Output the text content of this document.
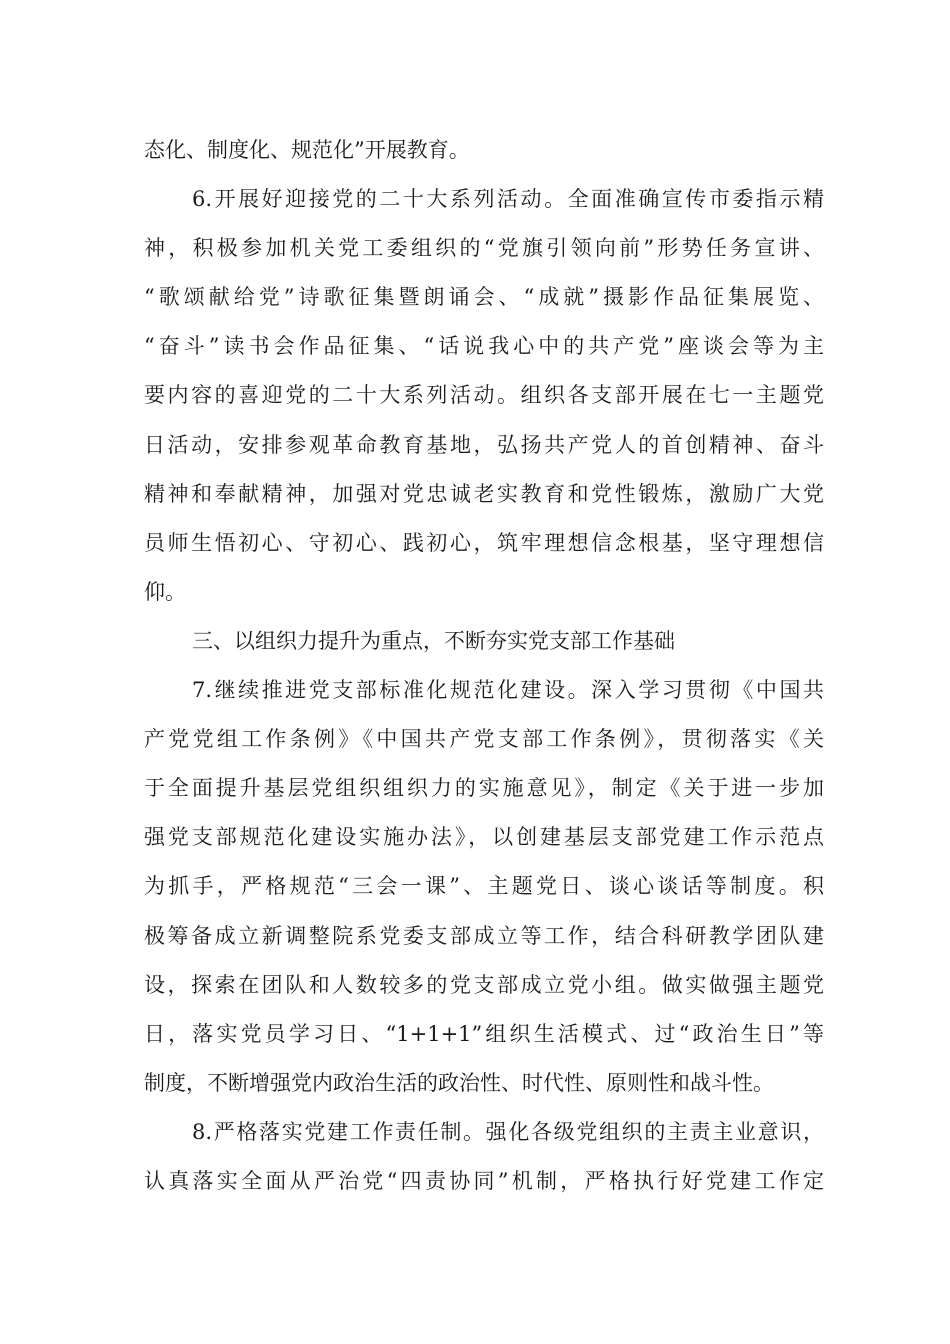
态化、制度化、规范化”开展教育。
6.开展好迎接党的二十大系列活动。全面准确宣传市委指示精
神，积极参加机关党工委组织的“党旗引领向前”形势任务宣讲、
“歌颂献给党”诗歌征集暨朗诵会、“成就”摄影作品征集展览、
“奋斗”读书会作品征集、“话说我心中的共产党”座谈会等为主
要内容的喜迎党的二十大系列活动。组织各支部开展在七一主题党
日活动，安排参观革命教育基地，弘扬共产党人的首创精神、奋斗
精神和奉献精神，加强对党忠诚老实教育和党性锻炼，激励广大党
员师生悟初心、守初心、践初心，筑牢理想信念根基，坚守理想信
仰。
三、以组织力提升为重点，不断夯实党支部工作基础
7.继续推进党支部标准化规范化建设。深入学习贯彻《中国共
产党党组工作条例》《中国共产党支部工作条例》，贯彻落实《关
于全面提升基层党组织组织力的实施意见》，制定《关于进一步加
强党支部规范化建设实施办法》，以创建基层支部党建工作示范点
为抓手，严格规范“三会一课”、主题党日、谈心谈话等制度。积
极筹备成立新调整院系党委支部成立等工作，结合科研教学团队建
设，探索在团队和人数较多的党支部成立党小组。做实做强主题党
日，落实党员学习日、“1+1+1”组织生活模式、过“政治生日”等
制度，不断增强党内政治生活的政治性、时代性、原则性和战斗性。
8.严格落实党建工作责任制。强化各级党组织的主责主业意识，
认真落实全面从严治党“四责协同”机制，严格执行好党建工作定
